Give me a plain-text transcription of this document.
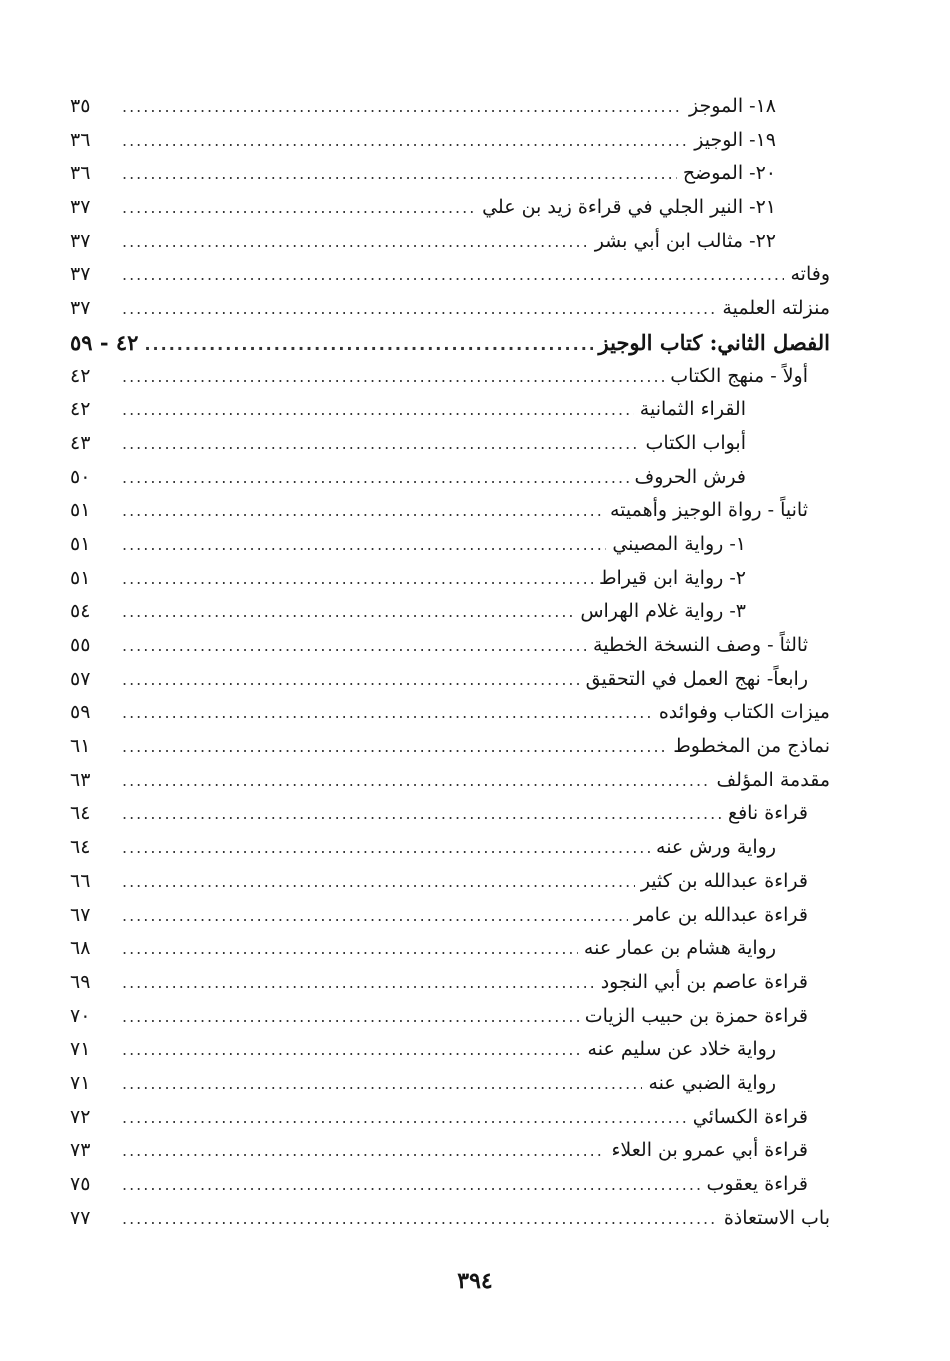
١٨- الموجز
.....
٣٥
١٩- الوجيز
.....
٣٦
٢٠- الموضح
.....
٣٦
٢١- النير الجلي في قراءة زيد بن علي
.....
٣٧
٢٢- مثالب ابن أبي بشر
.....
٣٧
وفاته
.....
٣٧
منزلته العلمية
.....
٣٧
الفصل الثاني: كتاب الوجيز
.....
٤٢ - ٥٩
أولاً - منهج الكتاب
.....
٤٢
القراء الثمانية
.....
٤٢
أبواب الكتاب
.....
٤٣
فرش الحروف
.....
٥٠
ثانياً - رواة الوجيز وأهميته
.....
٥١
١- رواية المصيني
.....
٥١
٢- رواية ابن قيراط
.....
٥١
٣- رواية غلام الهراس
.....
٥٤
ثالثاً - وصف النسخة الخطية
.....
٥٥
رابعاً- نهج العمل في التحقيق
.....
٥٧
ميزات الكتاب وفوائده
.....
٥٩
نماذج من المخطوط
.....
٦١
مقدمة المؤلف
.....
٦٣
قراءة نافع
.....
٦٤
رواية ورش عنه
.....
٦٤
قراءة عبدالله بن كثير
.....
٦٦
قراءة عبدالله بن عامر
.....
٦٧
رواية هشام بن عمار عنه
.....
٦٨
قراءة عاصم بن أبي النجود
.....
٦٩
قراءة حمزة بن حبيب الزيات
.....
٧٠
رواية خلاد عن سليم عنه
.....
٧١
رواية الضبي عنه
.....
٧١
قراءة الكسائي
.....
٧٢
قراءة أبي عمرو بن العلاء
.....
٧٣
قراءة يعقوب
.....
٧٥
باب الاستعاذة
.....
٧٧
٣٩٤
